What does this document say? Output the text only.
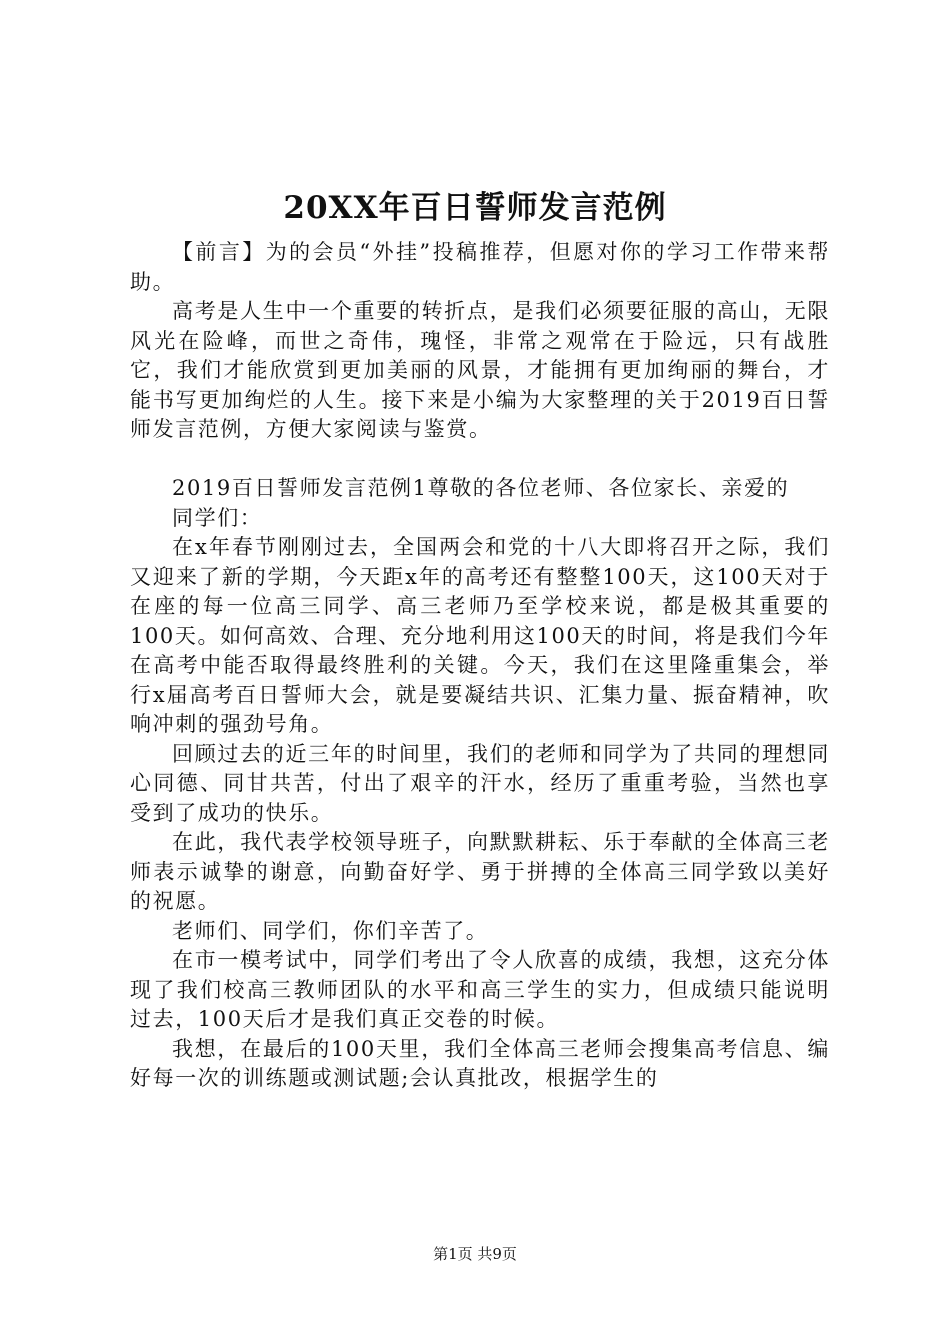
20XX年百日誓师发言范例

【前言】为的会员“外挂”投稿推荐，但愿对你的学习工作带来帮助。

高考是人生中一个重要的转折点，是我们必须要征服的高山，无限风光在险峰，而世之奇伟，瑰怪，非常之观常在于险远，只有战胜它，我们才能欣赏到更加美丽的风景，才能拥有更加绚丽的舞台，才能书写更加绚烂的人生。接下来是小编为大家整理的关于2019百日誓师发言范例，方便大家阅读与鉴赏。

2019百日誓师发言范例1尊敬的各位老师、各位家长、亲爱的

同学们：

在x年春节刚刚过去，全国两会和党的十八大即将召开之际，我们又迎来了新的学期，今天距x年的高考还有整整100天，这100天对于在座的每一位高三同学、高三老师乃至学校来说，都是极其重要的100天。如何高效、合理、充分地利用这100天的时间，将是我们今年在高考中能否取得最终胜利的关键。今天，我们在这里隆重集会，举行x届高考百日誓师大会，就是要凝结共识、汇集力量、振奋精神，吹响冲刺的强劲号角。

回顾过去的近三年的时间里，我们的老师和同学为了共同的理想同心同德、同甘共苦，付出了艰辛的汗水，经历了重重考验，当然也享受到了成功的快乐。

在此，我代表学校领导班子，向默默耕耘、乐于奉献的全体高三老师表示诚挚的谢意，向勤奋好学、勇于拼搏的全体高三同学致以美好的祝愿。

老师们、同学们，你们辛苦了。

在市一模考试中，同学们考出了令人欣喜的成绩，我想，这充分体现了我们校高三教师团队的水平和高三学生的实力，但成绩只能说明过去，100天后才是我们真正交卷的时候。

我想，在最后的100天里，我们全体高三老师会搜集高考信息、编好每一次的训练题或测试题;会认真批改，根据学生的

第1页 共9页
